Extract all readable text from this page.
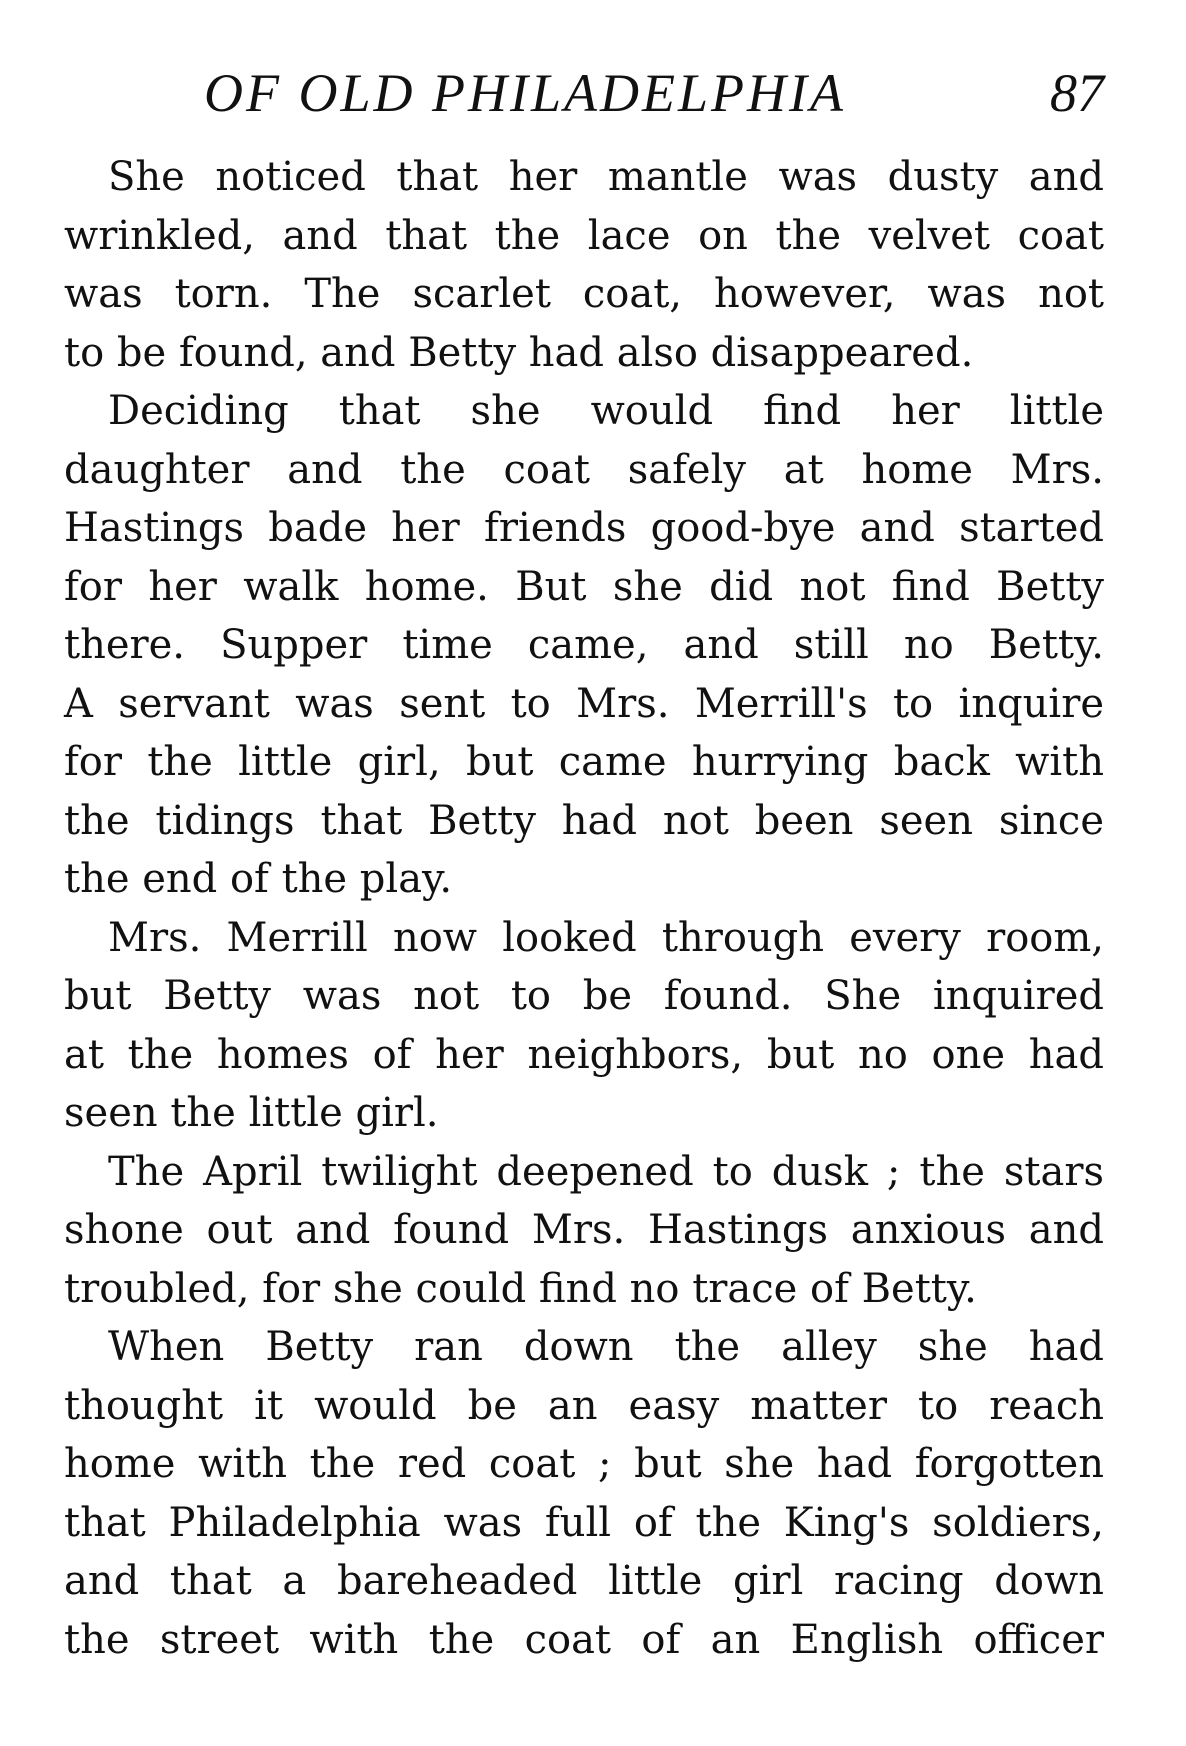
OF OLD PHILADELPHIA	87
She noticed that her mantle was dusty and
wrinkled, and that the lace on the velvet coat
was torn. The scarlet coat, however, was not
to be found, and Betty had also disappeared.
Deciding that she would find her little
daughter and the coat safely at home Mrs.
Hastings bade her friends good-bye and started
for her walk home. But she did not find Betty
there. Supper time came, and still no Betty.
A servant was sent to Mrs. Merrill's to inquire
for the little girl, but came hurrying back with
the tidings that Betty had not been seen since
the end of the play.
Mrs. Merrill now looked through every room,
but Betty was not to be found. She inquired
at the homes of her neighbors, but no one had
seen the little girl.
The April twilight deepened to dusk ; the stars
shone out and found Mrs. Hastings anxious and
troubled, for she could find no trace of Betty.
When Betty ran down the alley she had
thought it would be an easy matter to reach
home with the red coat ; but she had forgotten
that Philadelphia was full of the King's soldiers,
and that a bareheaded little girl racing down
the street with the coat of an English officer
